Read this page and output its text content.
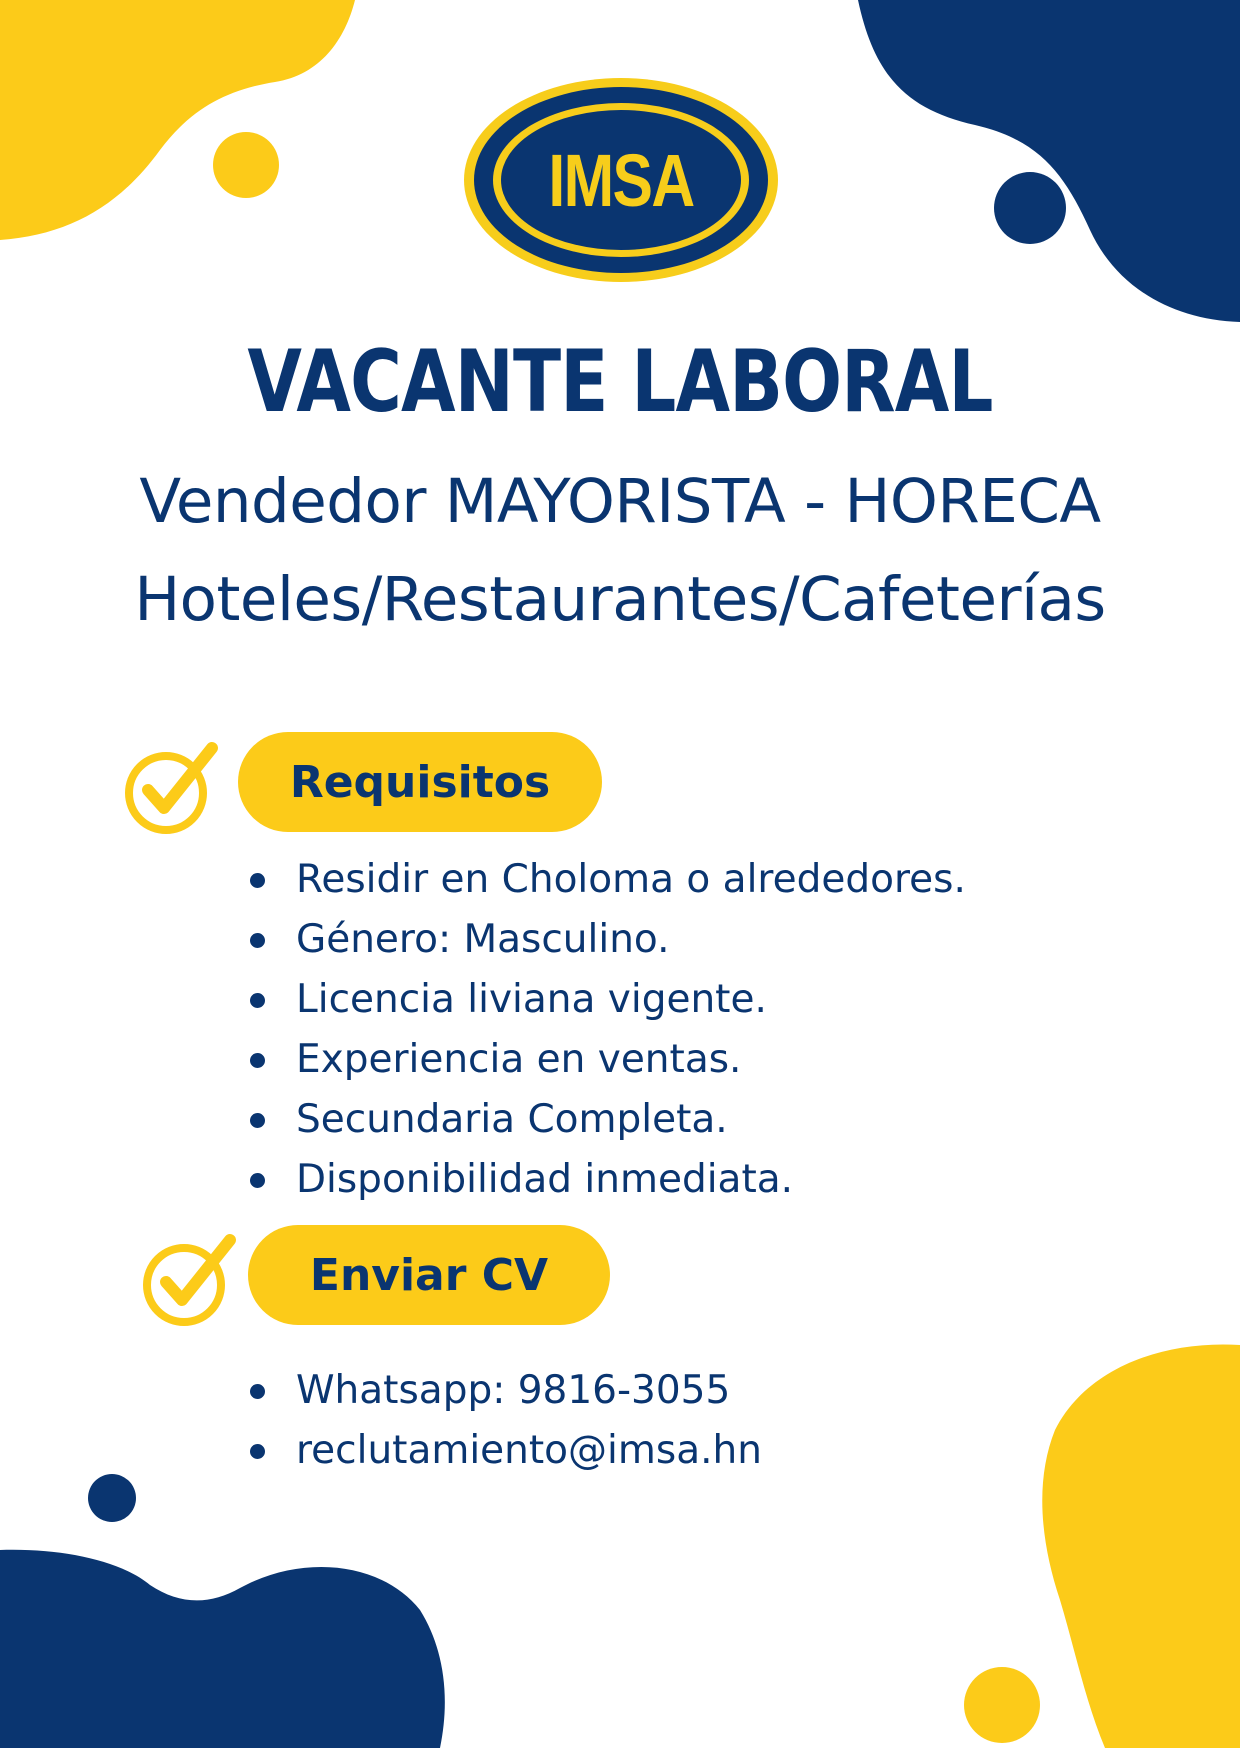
IMSA
VACANTE LABORAL
Vendedor MAYORISTA - HORECA
Hoteles/Restaurantes/Cafeterías
Requisitos
Residir en Choloma o alrededores.
Género: Masculino.
Licencia liviana vigente.
Experiencia en ventas.
Secundaria Completa.
Disponibilidad inmediata.
Enviar CV
Whatsapp: 9816-3055
reclutamiento@imsa.hn
